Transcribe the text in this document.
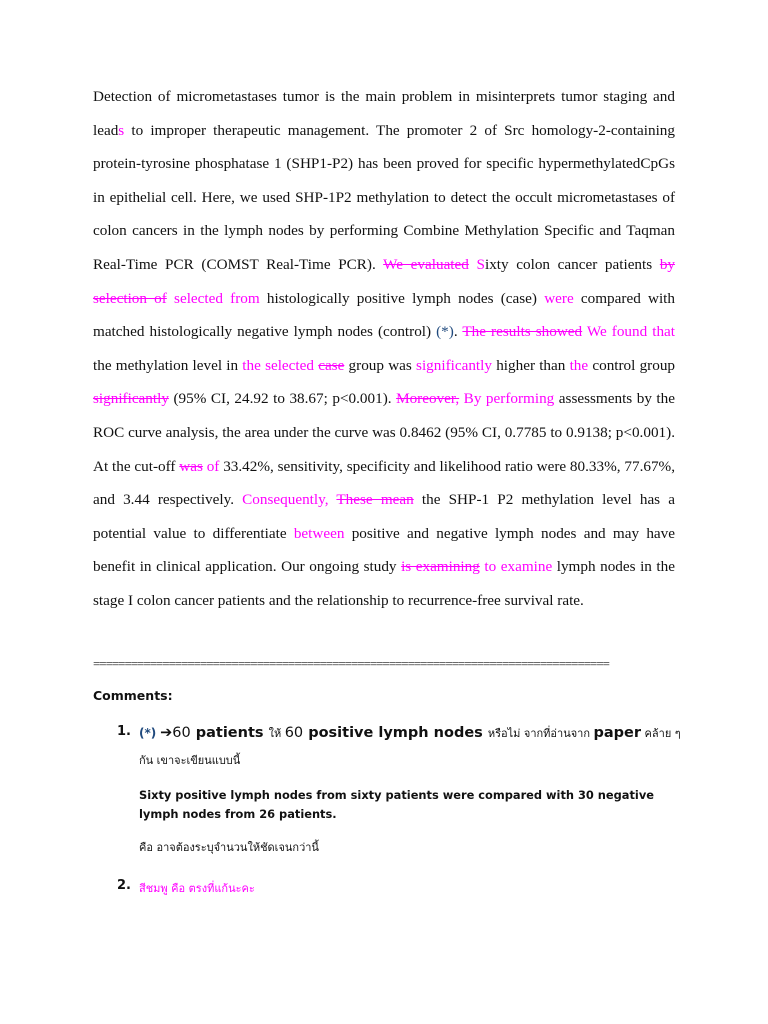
Detection of micrometastases tumor is the main problem in misinterprets tumor staging and leads to improper therapeutic management. The promoter 2 of Src homology-2-containing protein-tyrosine phosphatase 1 (SHP1-P2) has been proved for specific hypermethylatedCpGs in epithelial cell. Here, we used SHP-1P2 methylation to detect the occult micrometastases of colon cancers in the lymph nodes by performing Combine Methylation Specific and Taqman Real-Time PCR (COMST Real-Time PCR). We evaluated Sixty colon cancer patients by selection of selected from histologically positive lymph nodes (case) were compared with matched histologically negative lymph nodes (control) (*). The results showed We found that the methylation level in the selected case group was significantly higher than the control group significantly (95% CI, 24.92 to 38.67; p<0.001). Moreover, By performing assessments by the ROC curve analysis, the area under the curve was 0.8462 (95% CI, 0.7785 to 0.9138; p<0.001). At the cut-off was of 33.42%, sensitivity, specificity and likelihood ratio were 80.33%, 77.67%, and 3.44 respectively. Consequently, These mean the SHP-1 P2 methylation level has a potential value to differentiate between positive and negative lymph nodes and may have benefit in clinical application. Our ongoing study is examining to examine lymph nodes in the stage I colon cancer patients and the relationship to recurrence-free survival rate.

==================================================================================

Comments:

1. (*) ➔60 patients ให้ 60 positive lymph nodes หรือไม่ จากที่อ่านจาก paper คล้าย ๆ กัน เขาจะเขียนแบบนี้

Sixty positive lymph nodes from sixty patients were compared with 30 negative lymph nodes from 26 patients.

คือ อาจต้องระบุจำนวนให้ชัดเจนกว่านี้

2. สีชมพู คือ ตรงที่แก้นะคะ
